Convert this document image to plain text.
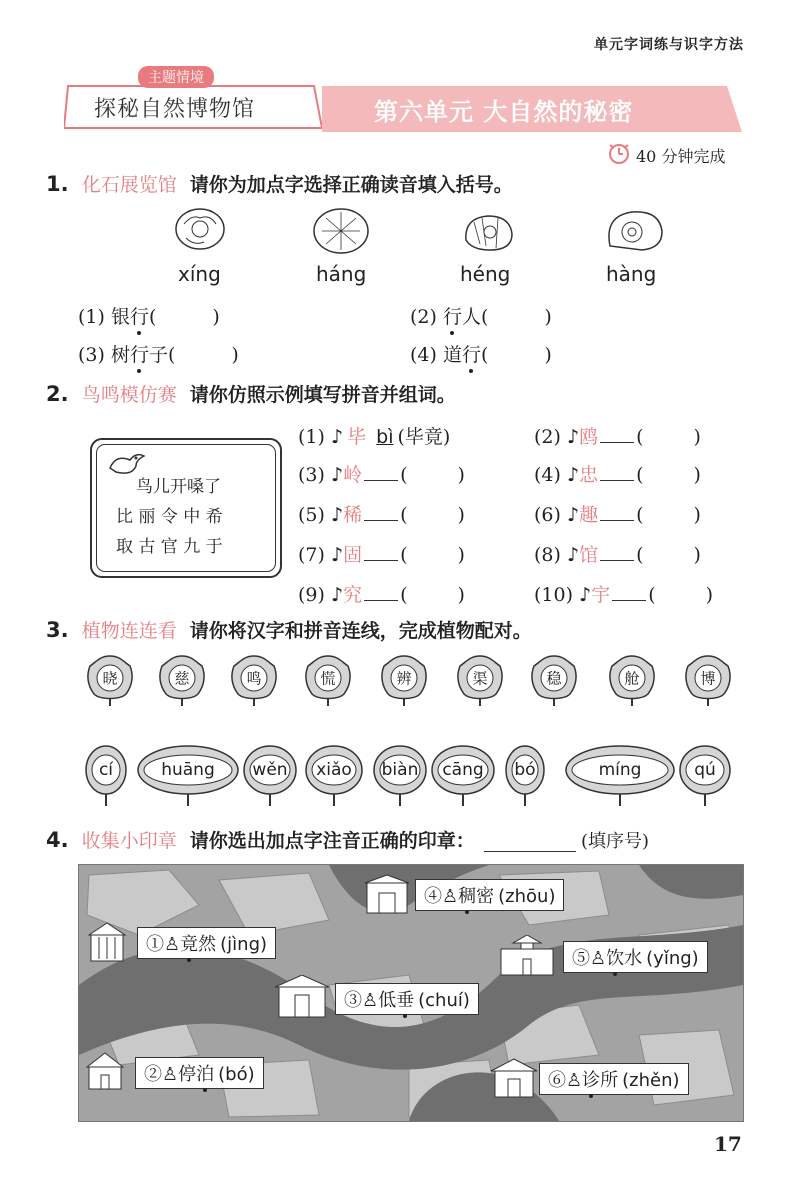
单元字词练与识字方法
主题情境
探秘自然博物馆	第六单元 大自然的秘密
40 分钟完成
1. 化石展览馆 请你为加点字选择正确读音填入括号。
xíng	háng	héng	hàng
(1) 银行(	)	(2) 行人(	)
(3) 树行子(	)	(4) 道行(	)
2. 鸟鸣模仿赛 请你仿照示例填写拼音并组词。
鸟儿开嗓了
比 丽 令 中 希
取 古 官 九 于
(1) ♪ 毕 bì (毕竟)	(2) ♪鸥 (	)
(3) ♪岭 (	)	(4) ♪忠 (	)
(5) ♪稀 (	)	(6) ♪趣 (	)
(7) ♪固 (	)	(8) ♪馆 (	)
(9) ♪究 (	)	(10) ♪宇 (	)
3. 植物连连看 请你将汉字和拼音连线，完成植物配对。
晓	慈	鸣	慌	辨	渠	稳	舱	博
cí	huāng	wěn	xiǎo	biàn	cāng	bó	míng	qú
4. 收集小印章 请你选出加点字注音正确的印章：	(填序号)
①♙竟然 (jìng)
②♙停泊 (bó)
③♙低垂 (chuí)
④♙稠密 (zhōu)
⑤♙饮水 (yǐng)
⑥♙诊所 (zhěn)
17
